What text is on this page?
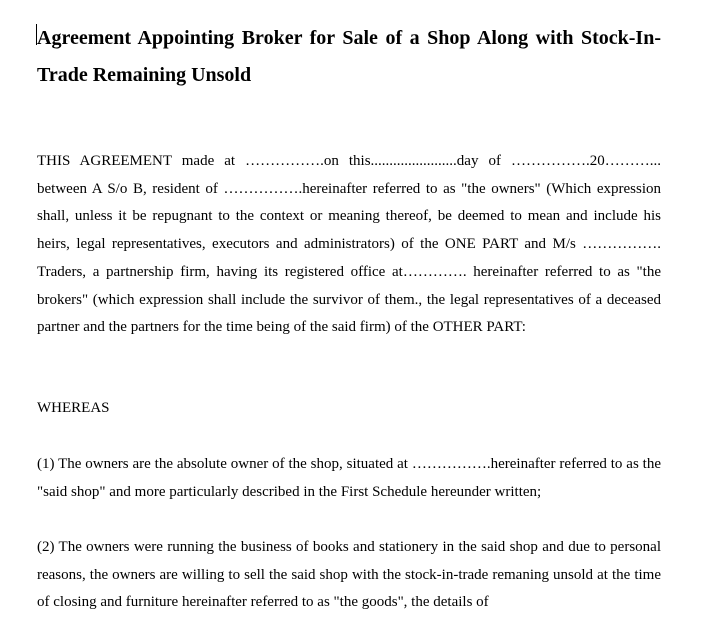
Agreement Appointing Broker for Sale of a Shop Along with Stock-In-Trade Remaining Unsold

THIS AGREEMENT made at …………….on this.......................day of …………….20………... between A S/o B, resident of …………….hereinafter referred to as "the owners" (Which expression shall, unless it be repugnant to the context or meaning thereof, be deemed to mean and include his heirs, legal representatives, executors and administrators) of the ONE PART and M/s ……………. Traders, a partnership firm, having its registered office at…………. hereinafter referred to as "the brokers" (which expression shall include the survivor of them., the legal representatives of a deceased partner and the partners for the time being of the said firm) of the OTHER PART:

WHEREAS

(1) The owners are the absolute owner of the shop, situated at …………….hereinafter referred to as the "said shop" and more particularly described in the First Schedule hereunder written;

(2) The owners were running the business of books and stationery in the said shop and due to personal reasons, the owners are willing to sell the said shop with the stock-in-trade remaning unsold at the time of closing and furniture hereinafter referred to as "the goods", the details of
